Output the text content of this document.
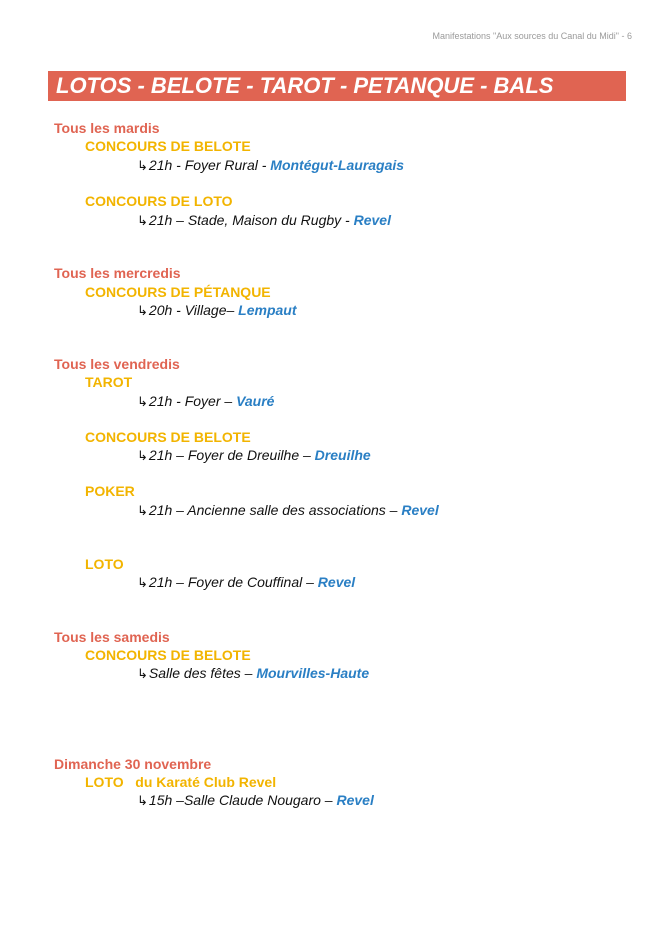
Manifestations "Aux sources du Canal du Midi" - 6
LOTOS - BELOTE - TAROT - PETANQUE - BALS
Tous les mardis
CONCOURS DE BELOTE
↳21h - Foyer Rural - Montégut-Lauragais
CONCOURS DE LOTO
↳21h – Stade, Maison du Rugby - Revel
Tous les mercredis
CONCOURS DE PÉTANQUE
↳20h - Village– Lempaut
Tous les vendredis
TAROT
↳21h - Foyer – Vauré
CONCOURS DE BELOTE
↳21h – Foyer de Dreuilhe – Dreuilhe
POKER
↳21h – Ancienne salle des associations – Revel
LOTO
↳21h – Foyer de Couffinal – Revel
Tous les samedis
CONCOURS DE BELOTE
↳Salle des fêtes – Mourvilles-Haute
Dimanche 30 novembre
LOTO   du Karaté Club Revel
↳15h –Salle Claude Nougaro – Revel
